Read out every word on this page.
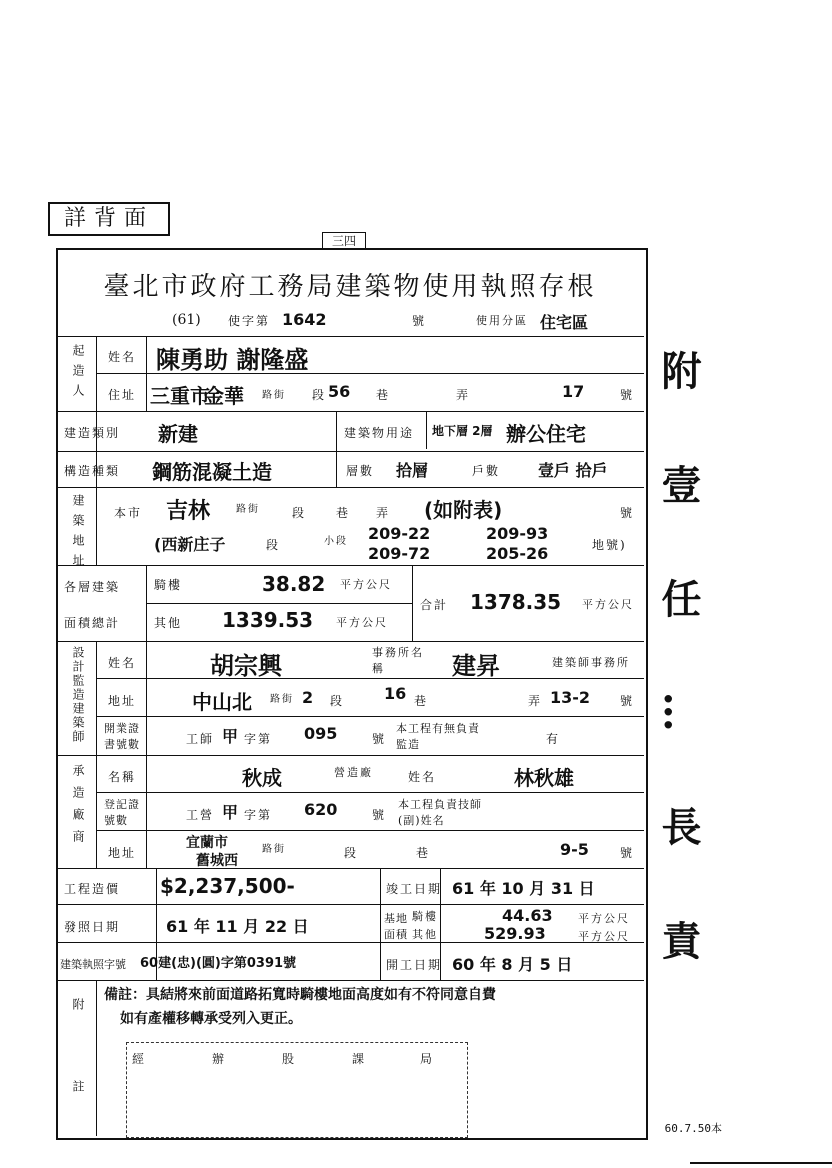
詳背面
三四
臺北市政府工務局建築物使用執照存根
(61) 使字第 1642	號	使用分區 住宅區
起造人 姓名 陳勇助 謝隆盛
住址 三重市
金華 路街 段 56 巷	弄	17	號
建造類別 新建	建築物用途 地下層 2層 辦公住宅
構造種類 鋼筋混凝土造	層數 拾層	戶數 壹戶 拾戶
建築地址 本市 吉林	路街	段 巷 弄 (如附表)	號
(西新庄子	段	小段 209-22	209-93
209-72	205-26	地號)
各層建築
面積總計
騎樓	38.82 平方公尺
其他 1339.53 平方公尺
合計 1378.35 平方公尺
設計監造建築師 姓名	胡宗興	事務所名稱	建昇	建築師事務所
地址	中山北 路街 2 段 16 巷	弄 13-2 號
開業證書號數	工師 甲 字第 095	號
本工程有無負責監造	有
承造廠商 名稱	秋成	營造廠	姓名	林秋雄
登記證號數	工營 甲 字第 620	號
本工程負責技師(副)姓名
地址
宜蘭市
舊城西
路街	段	巷	9-5	號
工程造價 $2,237,500-	竣工日期 61 年 10 月 31 日
發照日期	61 年 11 月 22 日	基地面積
騎樓	44.63 平方公尺
其他	529.93	平方公尺
建築執照字號 60建(忠)(圓)字第0391號	開工日期 60 年 8 月 5 日
附註
備註：具結將來前面道路拓寬時騎樓地面高度如有不符同意自費
如有產權移轉承受列入更正。
經	辦	股	課	局
附 壹 任 … 長 責
60.7.50本
